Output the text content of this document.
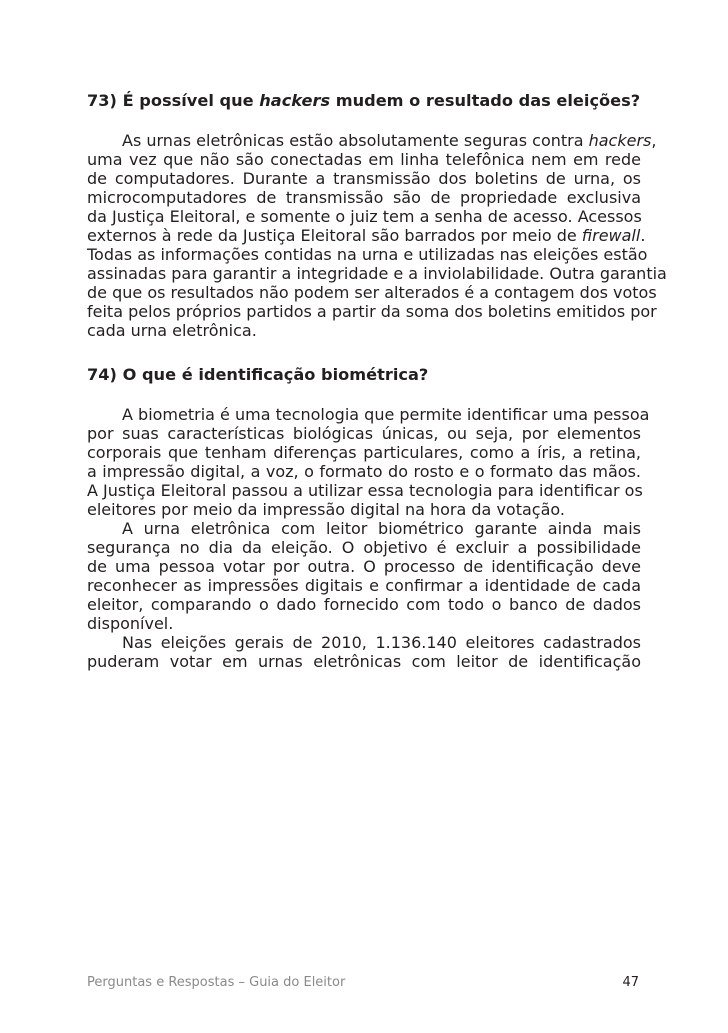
73) É possível que hackers mudem o resultado das eleições?
As urnas eletrônicas estão absolutamente seguras contra hackers,
uma vez que não são conectadas em linha telefônica nem em rede
de computadores. Durante a transmissão dos boletins de urna, os
microcomputadores de transmissão são de propriedade exclusiva
da Justiça Eleitoral, e somente o juiz tem a senha de acesso. Acessos
externos à rede da Justiça Eleitoral são barrados por meio de firewall.
Todas as informações contidas na urna e utilizadas nas eleições estão
assinadas para garantir a integridade e a inviolabilidade. Outra garantia
de que os resultados não podem ser alterados é a contagem dos votos
feita pelos próprios partidos a partir da soma dos boletins emitidos por
cada urna eletrônica.
74) O que é identificação biométrica?
A biometria é uma tecnologia que permite identificar uma pessoa
por suas características biológicas únicas, ou seja, por elementos
corporais que tenham diferenças particulares, como a íris, a retina,
a impressão digital, a voz, o formato do rosto e o formato das mãos.
A Justiça Eleitoral passou a utilizar essa tecnologia para identificar os
eleitores por meio da impressão digital na hora da votação.
A urna eletrônica com leitor biométrico garante ainda mais
segurança no dia da eleição. O objetivo é excluir a possibilidade
de uma pessoa votar por outra. O processo de identificação deve
reconhecer as impressões digitais e confirmar a identidade de cada
eleitor, comparando o dado fornecido com todo o banco de dados
disponível.
Nas eleições gerais de 2010, 1.136.140 eleitores cadastrados
puderam votar em urnas eletrônicas com leitor de identificação
Perguntas e Respostas – Guia do Eleitor	47
